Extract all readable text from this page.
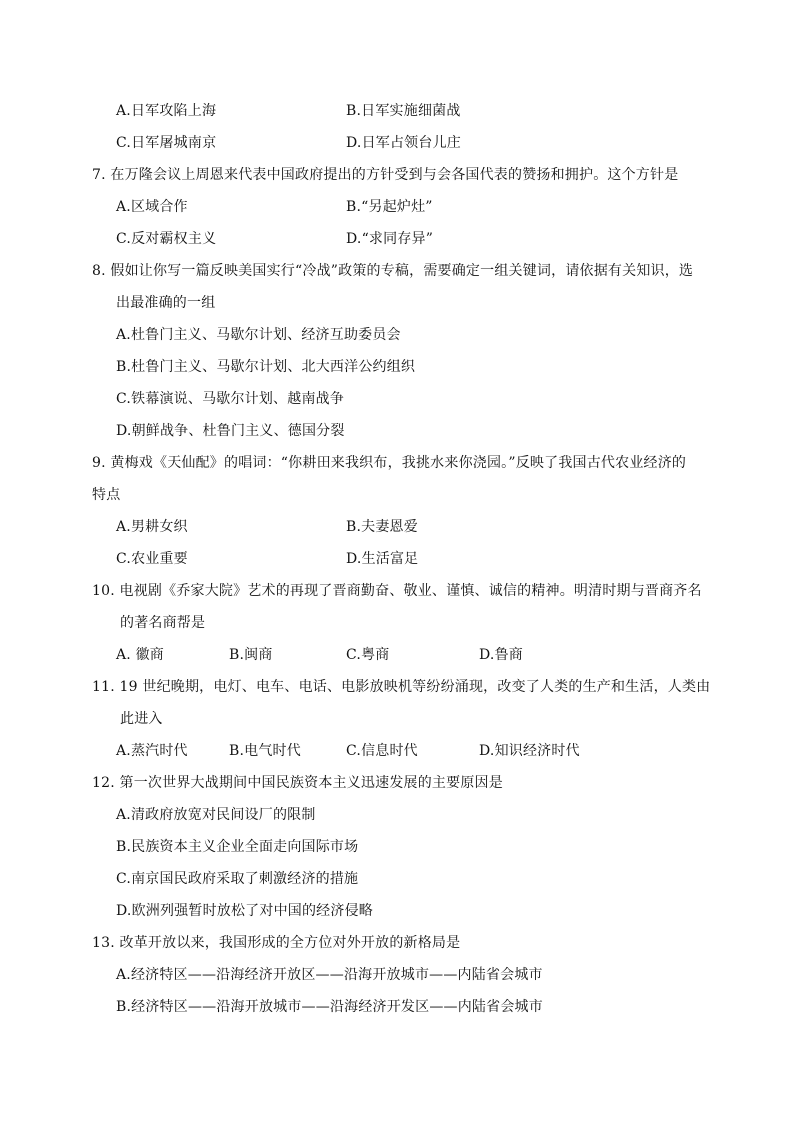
A.日军攻陷上海	B.日军实施细菌战
C.日军屠城南京	D.日军占领台儿庄
7. 在万隆会议上周恩来代表中国政府提出的方针受到与会各国代表的赞扬和拥护。这个方针是
A.区域合作	B.“另起炉灶”
C.反对霸权主义	D.“求同存异”
8. 假如让你写一篇反映美国实行“冷战”政策的专稿，需要确定一组关键词，请依据有关知识，选
出最准确的一组
A.杜鲁门主义、马歇尔计划、经济互助委员会
B.杜鲁门主义、马歇尔计划、北大西洋公约组织
C.铁幕演说、马歇尔计划、越南战争
D.朝鲜战争、杜鲁门主义、德国分裂
9. 黄梅戏《天仙配》的唱词：“你耕田来我织布，我挑水来你浇园。”反映了我国古代农业经济的
特点
A.男耕女织	B.夫妻恩爱
C.农业重要	D.生活富足
10. 电视剧《乔家大院》艺术的再现了晋商勤奋、敬业、谨慎、诚信的精神。明清时期与晋商齐名
的著名商帮是
A. 徽商	B.闽商	C.粤商	D.鲁商
11. 19 世纪晚期，电灯、电车、电话、电影放映机等纷纷涌现，改变了人类的生产和生活，人类由
此进入
A.蒸汽时代	B.电气时代	C.信息时代	D.知识经济时代
12. 第一次世界大战期间中国民族资本主义迅速发展的主要原因是
A.清政府放宽对民间设厂的限制
B.民族资本主义企业全面走向国际市场
C.南京国民政府采取了刺激经济的措施
D.欧洲列强暂时放松了对中国的经济侵略
13. 改革开放以来，我国形成的全方位对外开放的新格局是
A.经济特区——沿海经济开放区——沿海开放城市——内陆省会城市
B.经济特区——沿海开放城市——沿海经济开发区——内陆省会城市
